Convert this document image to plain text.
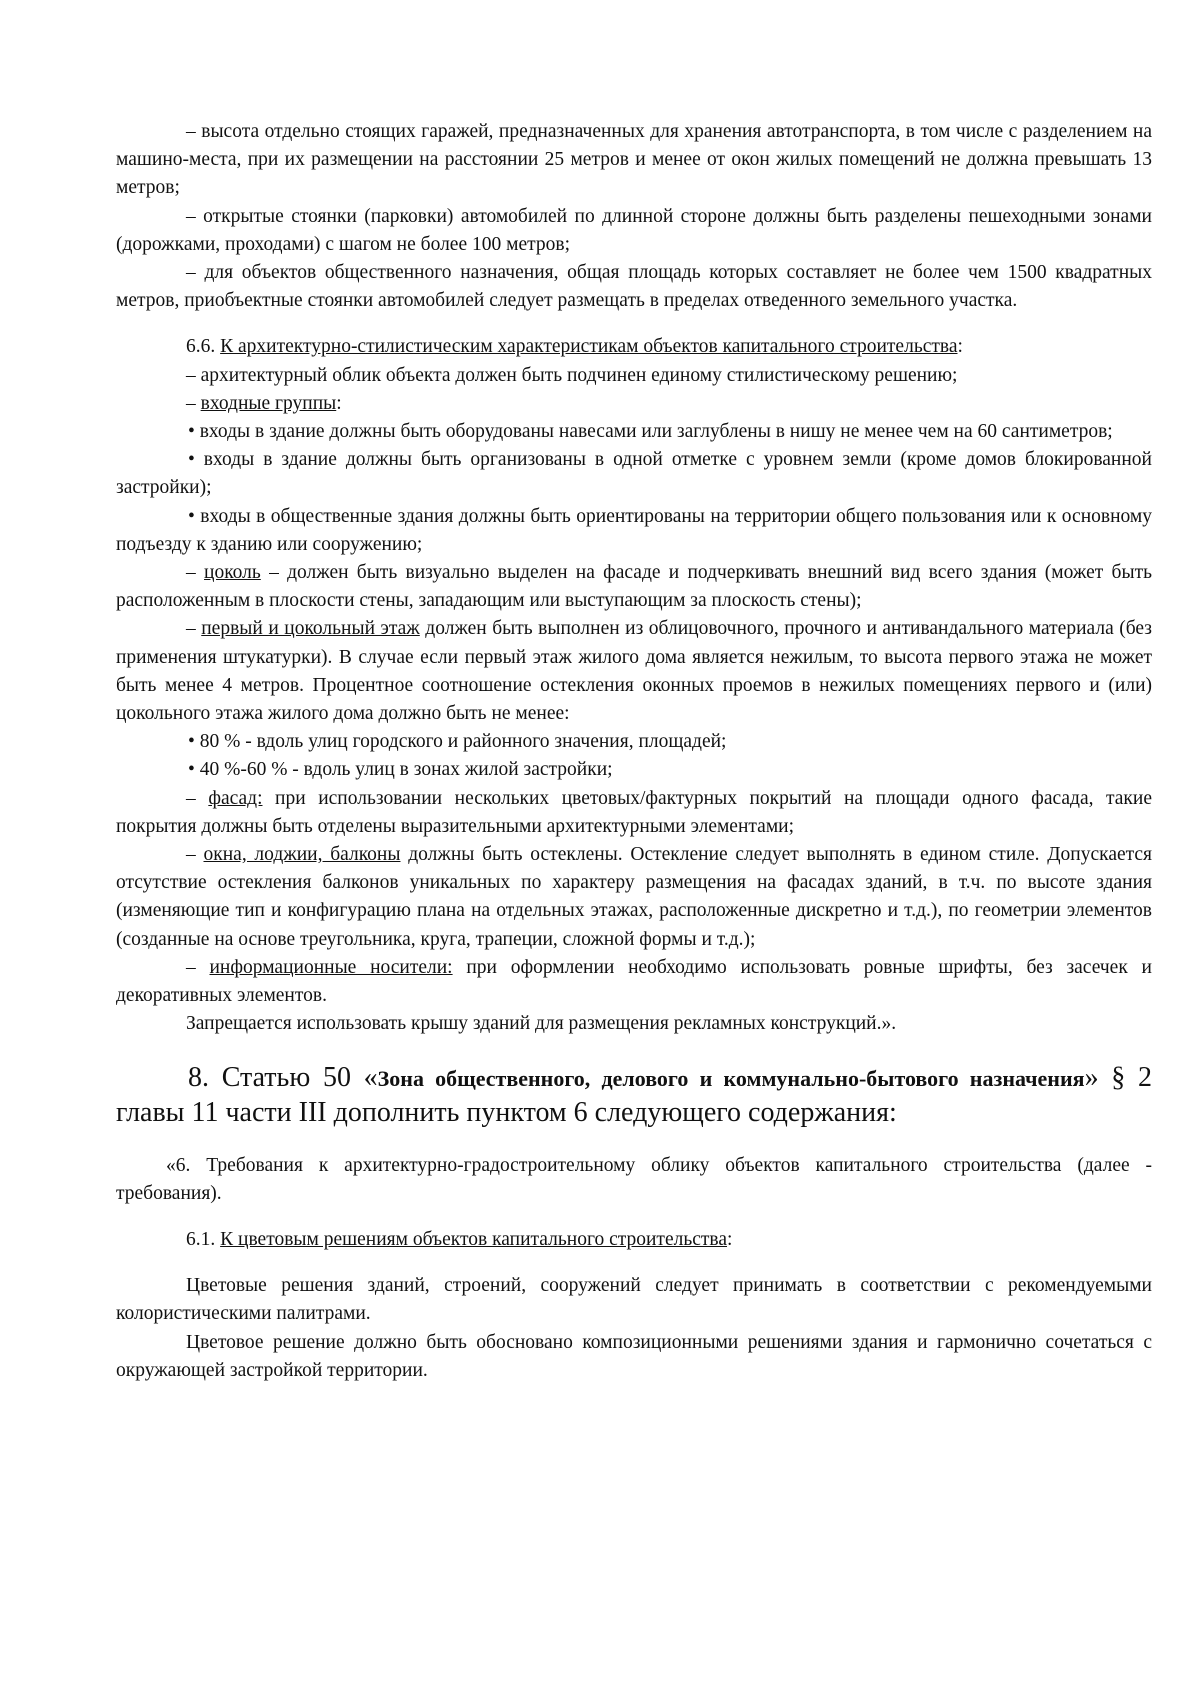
– высота отдельно стоящих гаражей, предназначенных для хранения автотранспорта, в том числе с разделением на машино-места, при их размещении на расстоянии 25 метров и менее от окон жилых помещений не должна превышать 13 метров;

– открытые стоянки (парковки) автомобилей по длинной стороне должны быть разделены пешеходными зонами (дорожками, проходами) с шагом не более 100 метров;

– для объектов общественного назначения, общая площадь которых составляет не более чем 1500 квадратных метров, приобъектные стоянки автомобилей следует размещать в пределах отведенного земельного участка.

6.6. К архитектурно-стилистическим характеристикам объектов капитального строительства:

– архитектурный облик объекта должен быть подчинен единому стилистическому решению;

– входные группы:

• входы в здание должны быть оборудованы навесами или заглублены в нишу не менее чем на 60 сантиметров;

• входы в здание должны быть организованы в одной отметке с уровнем земли (кроме домов блокированной застройки);

• входы в общественные здания должны быть ориентированы на территории общего пользования или к основному подъезду к зданию или сооружению;

– цоколь – должен быть визуально выделен на фасаде и подчеркивать внешний вид всего здания (может быть расположенным в плоскости стены, западающим или выступающим за плоскость стены);

– первый и цокольный этаж должен быть выполнен из облицовочного, прочного и антивандального материала (без применения штукатурки). В случае если первый этаж жилого дома является нежилым, то высота первого этажа не может быть менее 4 метров. Процентное соотношение остекления оконных проемов в нежилых помещениях первого и (или) цокольного этажа жилого дома должно быть не менее:

• 80 % - вдоль улиц городского и районного значения, площадей;

• 40 %-60 % - вдоль улиц в зонах жилой застройки;

– фасад: при использовании нескольких цветовых/фактурных покрытий на площади одного фасада, такие покрытия должны быть отделены выразительными архитектурными элементами;

– окна, лоджии, балконы должны быть остеклены. Остекление следует выполнять в едином стиле. Допускается отсутствие остекления балконов уникальных по характеру размещения на фасадах зданий, в т.ч. по высоте здания (изменяющие тип и конфигурацию плана на отдельных этажах, расположенные дискретно и т.д.), по геометрии элементов (созданные на основе треугольника, круга, трапеции, сложной формы и т.д.);

– информационные носители: при оформлении необходимо использовать ровные шрифты, без засечек и декоративных элементов.

Запрещается использовать крышу зданий для размещения рекламных конструкций.».

8. Статью 50 «Зона общественного, делового и коммунально-бытового назначения» § 2 главы 11 части III дополнить пунктом 6 следующего содержания:

«6. Требования к архитектурно-градостроительному облику объектов капитального строительства (далее - требования).

6.1. К цветовым решениям объектов капитального строительства:

Цветовые решения зданий, строений, сооружений следует принимать в соответствии с рекомендуемыми колористическими палитрами.

Цветовое решение должно быть обосновано композиционными решениями здания и гармонично сочетаться с окружающей застройкой территории.
